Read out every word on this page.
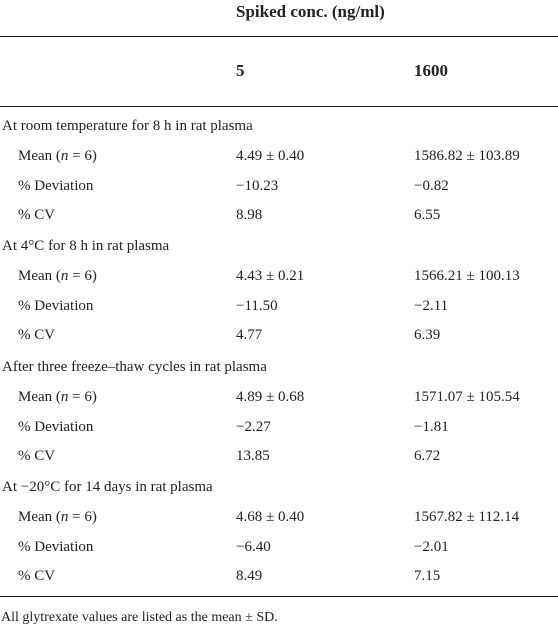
Spiked conc. (ng/ml)
5	1600
At room temperature for 8 h in rat plasma
Mean (n = 6)	4.49 ± 0.40	1586.82 ± 103.89
% Deviation	−10.23	−0.82
% CV	8.98	6.55
At 4°C for 8 h in rat plasma
Mean (n = 6)	4.43 ± 0.21	1566.21 ± 100.13
% Deviation	−11.50	−2.11
% CV	4.77	6.39
After three freeze–thaw cycles in rat plasma
Mean (n = 6)	4.89 ± 0.68	1571.07 ± 105.54
% Deviation	−2.27	−1.81
% CV	13.85	6.72
At −20°C for 14 days in rat plasma
Mean (n = 6)	4.68 ± 0.40	1567.82 ± 112.14
% Deviation	−6.40	−2.01
% CV	8.49	7.15
All glytrexate values are listed as the mean ± SD.
